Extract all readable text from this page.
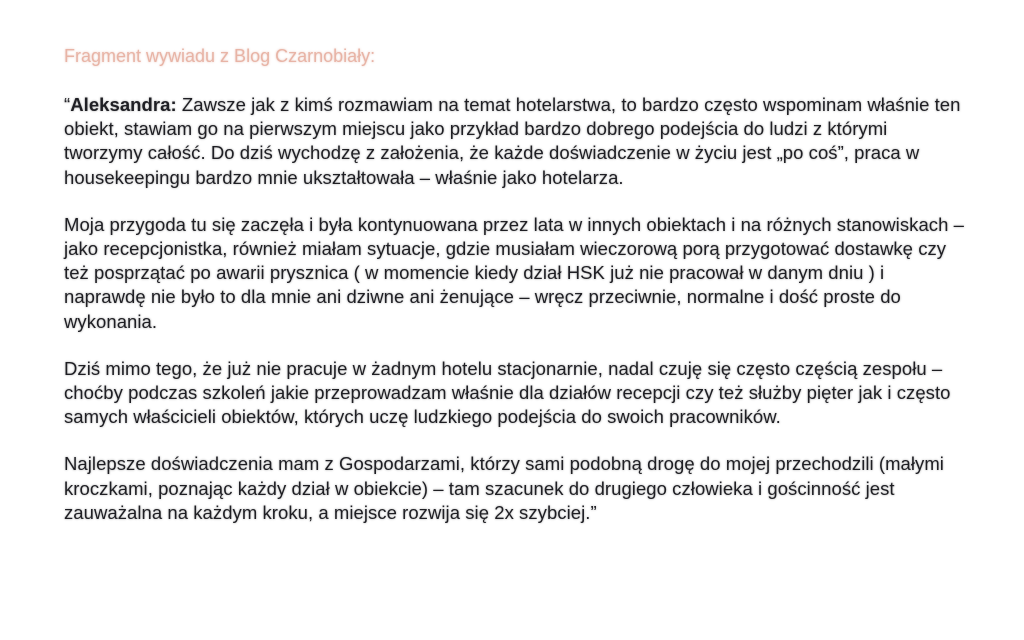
Fragment wywiadu z Blog Czarnobiały:

“Aleksandra: Zawsze jak z kimś rozmawiam na temat hotelarstwa, to bardzo często wspominam właśnie ten obiekt, stawiam go na pierwszym miejscu jako przykład bardzo dobrego podejścia do ludzi z którymi tworzymy całość. Do dziś wychodzę z założenia, że każde doświadczenie w życiu jest „po coś”, praca w housekeepingu bardzo mnie ukształtowała – właśnie jako hotelarza.

Moja przygoda tu się zaczęła i była kontynuowana przez lata w innych obiektach i na różnych stanowiskach – jako recepcjonistka, również miałam sytuacje, gdzie musiałam wieczorową porą przygotować dostawkę czy też posprzątać po awarii prysznica ( w momencie kiedy dział HSK już nie pracował w danym dniu ) i naprawdę nie było to dla mnie ani dziwne ani żenujące – wręcz przeciwnie, normalne i dość proste do wykonania.

Dziś mimo tego, że już nie pracuje w żadnym hotelu stacjonarnie, nadal czuję się często częścią zespołu – choćby podczas szkoleń jakie przeprowadzam właśnie dla działów recepcji czy też służby pięter jak i często samych właścicieli obiektów, których uczę ludzkiego podejścia do swoich pracowników.

Najlepsze doświadczenia mam z Gospodarzami, którzy sami podobną drogę do mojej przechodzili (małymi kroczkami, poznając każdy dział w obiekcie) – tam szacunek do drugiego człowieka i gościnność jest zauważalna na każdym kroku, a miejsce rozwija się 2x szybciej.”
